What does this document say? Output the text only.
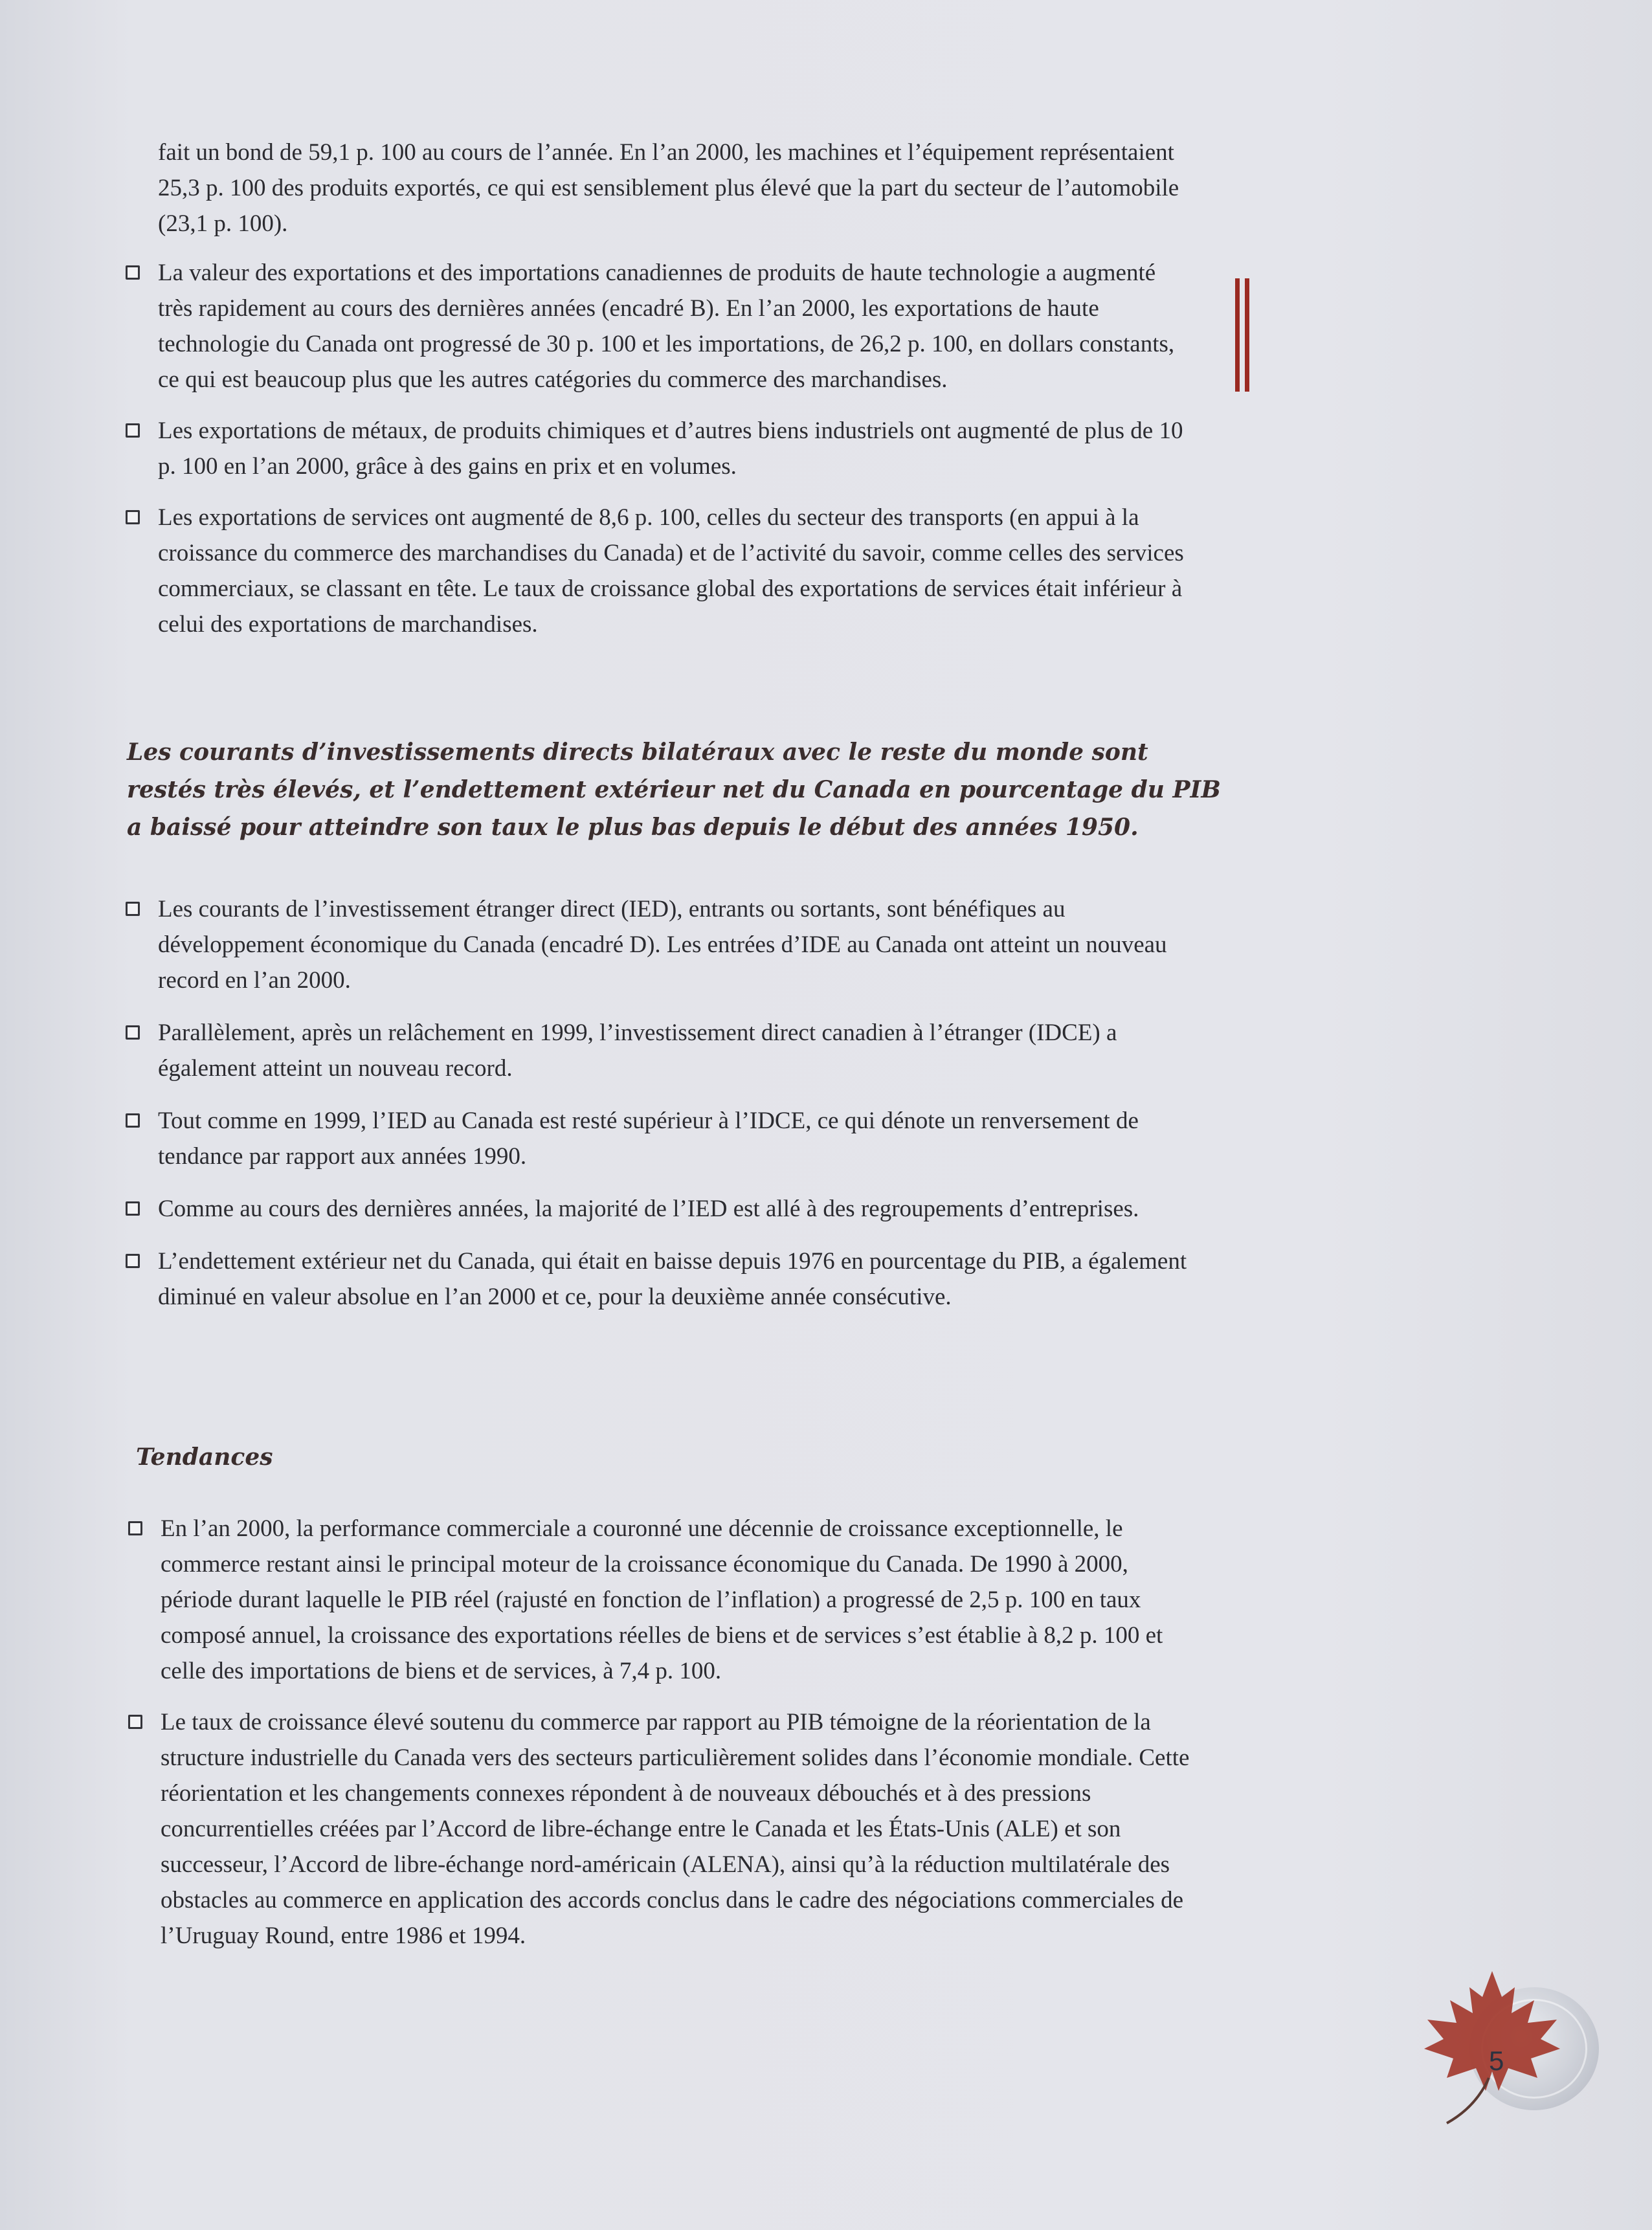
fait un bond de 59,1 p. 100 au cours de l’année. En l’an 2000, les machines et l’équipement représentaient 25,3 p. 100 des produits exportés, ce qui est sensiblement plus élevé que la part du secteur de l’automobile (23,1 p. 100).

La valeur des exportations et des importations canadiennes de produits de haute technologie a augmenté très rapidement au cours des dernières années (encadré B). En l’an 2000, les exportations de haute technologie du Canada ont progressé de 30 p. 100 et les importations, de 26,2 p. 100, en dollars constants, ce qui est beaucoup plus que les autres catégories du commerce des marchandises.
Les exportations de métaux, de produits chimiques et d’autres biens industriels ont augmenté de plus de 10 p. 100 en l’an 2000, grâce à des gains en prix et en volumes.
Les exportations de services ont augmenté de 8,6 p. 100, celles du secteur des transports (en appui à la croissance du commerce des marchandises du Canada) et de l’activité du savoir, comme celles des services commerciaux, se classant en tête. Le taux de croissance global des exportations de services était inférieur à celui des exportations de marchandises.

Les courants d’investissements directs bilatéraux avec le reste du monde sont restés très élevés, et l’endettement extérieur net du Canada en pourcentage du PIB a baissé pour atteindre son taux le plus bas depuis le début des années 1950.

Les courants de l’investissement étranger direct (IED), entrants ou sortants, sont bénéfiques au développement économique du Canada (encadré D). Les entrées d’IDE au Canada ont atteint un nouveau record en l’an 2000.
Parallèlement, après un relâchement en 1999, l’investissement direct canadien à l’étranger (IDCE) a également atteint un nouveau record.
Tout comme en 1999, l’IED au Canada est resté supérieur à l’IDCE, ce qui dénote un renversement de tendance par rapport aux années 1990.
Comme au cours des dernières années, la majorité de l’IED est allé à des regroupements d’entreprises.
L’endettement extérieur net du Canada, qui était en baisse depuis 1976 en pourcentage du PIB, a également diminué en valeur absolue en l’an 2000 et ce, pour la deuxième année consécutive.
Tendances
En l’an 2000, la performance commerciale a couronné une décennie de croissance exceptionnelle, le commerce restant ainsi le principal moteur de la croissance économique du Canada. De 1990 à 2000, période durant laquelle le PIB réel (rajusté en fonction de l’inflation) a progressé de 2,5 p. 100 en taux composé annuel, la croissance des exportations réelles de biens et de services s’est établie à 8,2 p. 100 et celle des importations de biens et de services, à 7,4 p. 100.
Le taux de croissance élevé soutenu du commerce par rapport au PIB témoigne de la réorientation de la structure industrielle du Canada vers des secteurs particulièrement solides dans l’économie mondiale. Cette réorientation et les changements connexes répondent à de nouveaux débouchés et à des pressions concurrentielles créées par l’Accord de libre-échange entre le Canada et les États-Unis (ALE) et son successeur, l’Accord de libre-échange nord-américain (ALENA), ainsi qu’à la réduction multilatérale des obstacles au commerce en application des accords conclus dans le cadre des négociations commerciales de l’Uruguay Round, entre 1986 et 1994.
5
